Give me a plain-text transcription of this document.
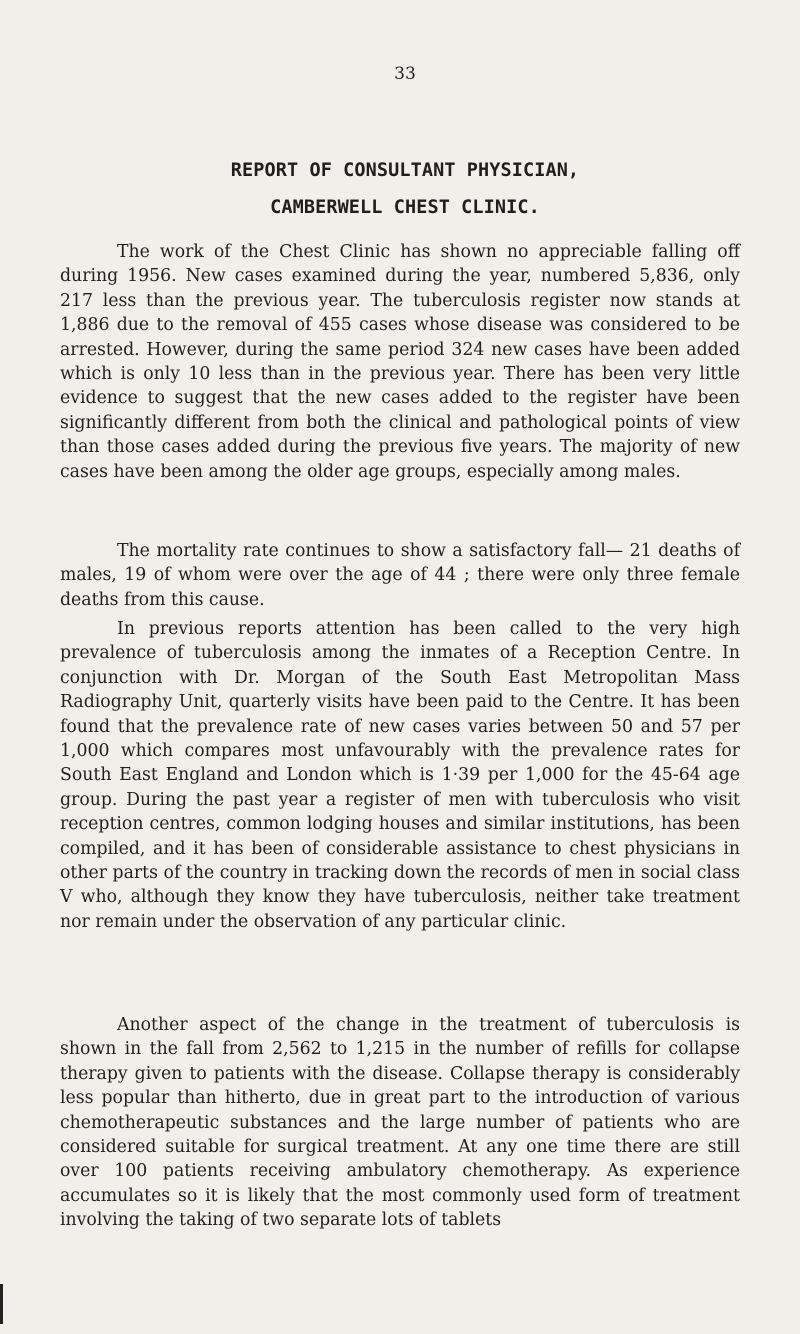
33
REPORT OF CONSULTANT PHYSICIAN,
CAMBERWELL CHEST CLINIC.

The work of the Chest Clinic has shown no appreciable falling off during 1956. New cases examined during the year, numbered 5,836, only 217 less than the previous year. The tuberculosis register now stands at 1,886 due to the removal of 455 cases whose disease was considered to be arrested. However, during the same period 324 new cases have been added which is only 10 less than in the previous year. There has been very little evidence to suggest that the new cases added to the register have been significantly different from both the clinical and pathological points of view than those cases added during the previous five years. The majority of new cases have been among the older age groups, especially among males.

The mortality rate continues to show a satisfactory fall— 21 deaths of males, 19 of whom were over the age of 44 ; there were only three female deaths from this cause.

In previous reports attention has been called to the very high prevalence of tuberculosis among the inmates of a Reception Centre. In conjunction with Dr. Morgan of the South East Metropolitan Mass Radiography Unit, quarterly visits have been paid to the Centre. It has been found that the prevalence rate of new cases varies between 50 and 57 per 1,000 which compares most unfavourably with the prevalence rates for South East England and London which is 1·39 per 1,000 for the 45-64 age group. During the past year a register of men with tuberculosis who visit reception centres, common lodging houses and similar institutions, has been compiled, and it has been of considerable assistance to chest physicians in other parts of the country in tracking down the records of men in social class V who, although they know they have tuberculosis, neither take treatment nor remain under the observation of any particular clinic.

Another aspect of the change in the treatment of tuberculosis is shown in the fall from 2,562 to 1,215 in the number of refills for collapse therapy given to patients with the disease. Collapse therapy is considerably less popular than hitherto, due in great part to the introduction of various chemotherapeutic substances and the large number of patients who are considered suitable for surgical treatment. At any one time there are still over 100 patients receiving ambulatory chemotherapy. As experience accumulates so it is likely that the most commonly used form of treatment involving the taking of two separate lots of tablets
